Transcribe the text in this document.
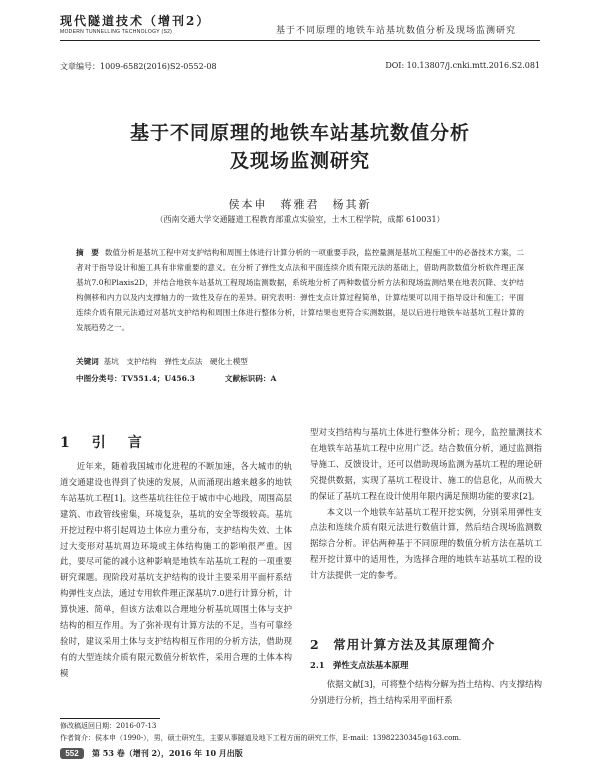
现代隧道技术（增刊2）
MODERN TUNNELLING TECHNOLOGY (S2)	基于不同原理的地铁车站基坑数值分析及现场监测研究
文章编号：1009-6582(2016)S2-0552-08	DOI: 10.13807/j.cnki.mtt.2016.S2.081
基于不同原理的地铁车站基坑数值分析
及现场监测研究
侯本申　蒋雅君　杨其新
（西南交通大学交通隧道工程教育部重点实验室，土木工程学院，成都 610031）
摘　要 数值分析是基坑工程中对支护结构和周围土体进行计算分析的一项重要手段，监控量测是基坑工程施工中的必备技术方案，二者对于指导设计和施工具有非常重要的意义。在分析了弹性支点法和平面连续介质有限元法的基础上，借助两款数值分析软件理正深基坑7.0和Plaxis2D，并结合地铁车站基坑工程现场监测数据，系统地分析了两种数值分析方法和现场监测结果在地表沉降、支护结构侧移和内力以及内支撑轴力的一致性及存在的差异。研究表明：弹性支点计算过程简单，计算结果可以用于指导设计和施工；平面连续介质有限元法通过对基坑支护结构和周围土体进行整体分析，计算结果也更符合实测数据，是以后进行地铁车站基坑工程计算的发展趋势之一。
关键词 基坑　支护结构　弹性支点法　硬化土模型
中图分类号：TV551.4；U456.3	文献标识码：A
1　引　言

近年来，随着我国城市化进程的不断加速，各大城市的轨道交通建设也得到了快速的发展，从而涌现出越来越多的地铁车站基坑工程[1]。这些基坑往往位于城市中心地段，周围高层建筑、市政管线密集，环境复杂，基坑的安全等级较高。基坑开挖过程中将引起周边土体应力重分布，支护结构失效、土体过大变形对基坑周边环境或主体结构施工的影响很严重。因此，要尽可能的减小这种影响是地铁车站基坑工程的一项重要研究课题。现阶段对基坑支护结构的设计主要采用平面杆系结构弹性支点法，通过专用软件理正深基坑7.0进行计算分析，计算快速、简单，但该方法难以合理地分析基坑周围土体与支护结构的相互作用。为了弥补现有计算方法的不足，当有可靠经验时，建议采用土体与支护结构相互作用的分析方法，借助现有的大型连续介质有限元数值分析软件，采用合理的土体本构模

型对支挡结构与基坑土体进行整体分析；现今，监控量测技术在地铁车站基坑工程中应用广泛。结合数值分析，通过监测指导施工、反馈设计，还可以借助现场监测为基坑工程的理论研究提供数据，实现了基坑工程设计、施工的信息化，从而极大的保证了基坑工程在设计使用年限内满足预期功能的要求[2]。

本文以一个地铁车站基坑工程开挖实例，分别采用弹性支点法和连续介质有限元法进行数值计算，然后结合现场监测数据综合分析。评估两种基于不同原理的数值分析方法在基坑工程开挖计算中的适用性，为选择合理的地铁车站基坑工程的设计方法提供一定的参考。

2　常用计算方法及其原理简介
2.1　弹性支点法基本原理

依据文献[3]，可将整个结构分解为挡土结构、内支撑结构分别进行分析，挡土结构采用平面杆系

修改稿返回日期：2016-07-13
作者简介：侯本申（1990-），男，硕士研究生，主要从事隧道及地下工程方面的研究工作，E-mail：13982230345@163.com.
552	第 53 卷（增刊 2），2016 年 10 月出版
